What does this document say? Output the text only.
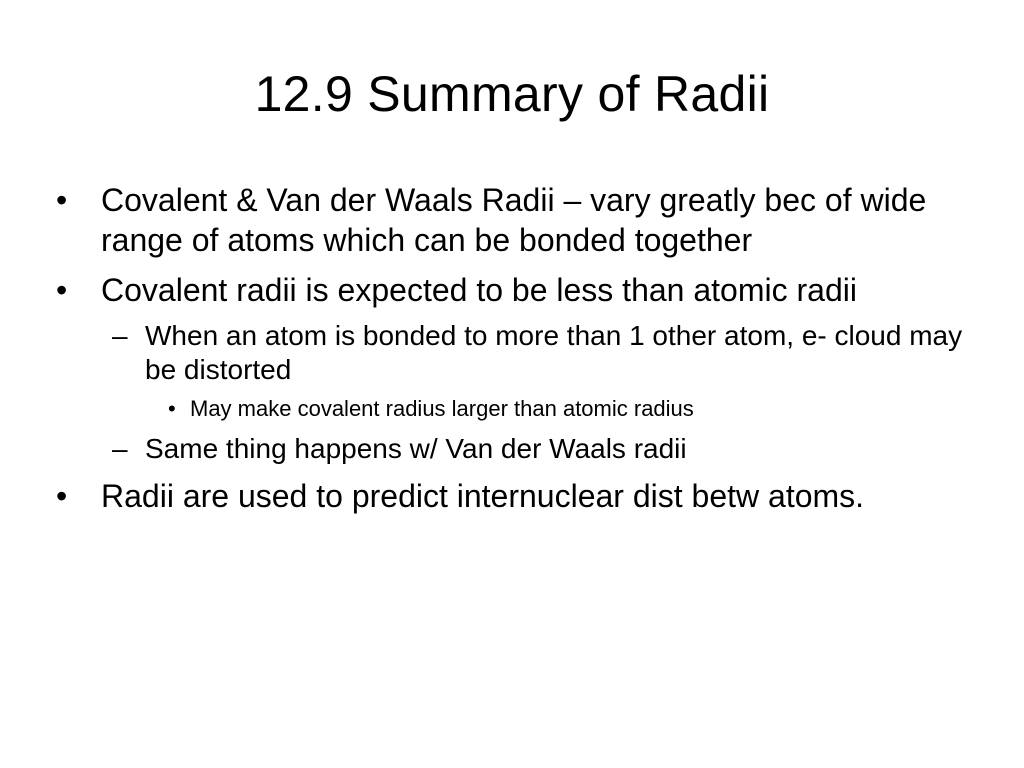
12.9 Summary of Radii
• Covalent & Van der Waals Radii – vary greatly bec of wide range of atoms which can be bonded together
• Covalent radii is expected to be less than atomic radii
– When an atom is bonded to more than 1 other atom, e- cloud may be distorted
• May make covalent radius larger than atomic radius
– Same thing happens w/ Van der Waals radii
• Radii are used to predict internuclear dist betw atoms.
